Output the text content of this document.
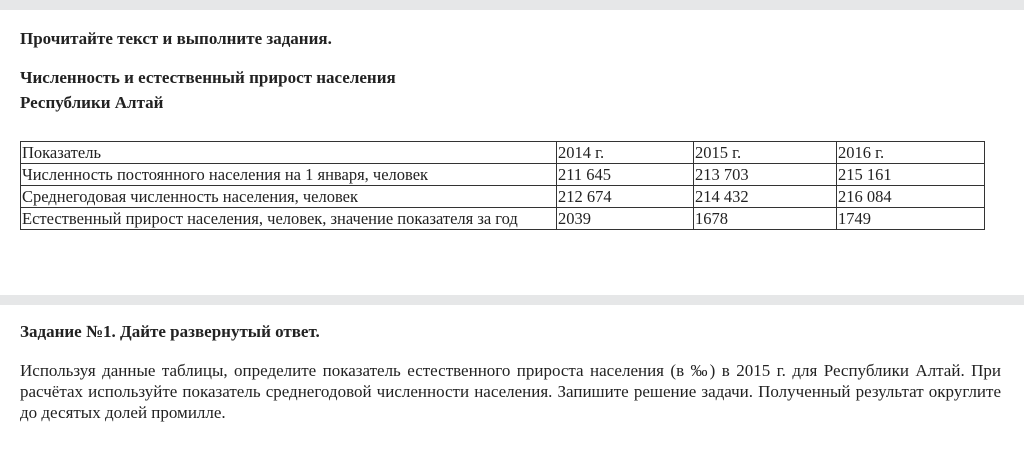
Прочитайте текст и выполните задания.
Численность и естественный прирост населения
Республики Алтай
Показатель	2014 г.	2015 г.	2016 г.
Численность постоянного населения на 1 января, человек	211 645	213 703	215 161
Среднегодовая численность населения, человек	212 674	214 432	216 084
Естественный прирост населения, человек, значение показателя за год	2039	1678	1749
Задание №1. Дайте развернутый ответ.

Используя данные таблицы, определите показатель естественного прироста населения (в ‰) в 2015 г. для Республики Алтай. При расчётах используйте показатель среднегодовой численности населения. Запишите решение задачи. Полученный результат округлите до десятых долей промилле.
